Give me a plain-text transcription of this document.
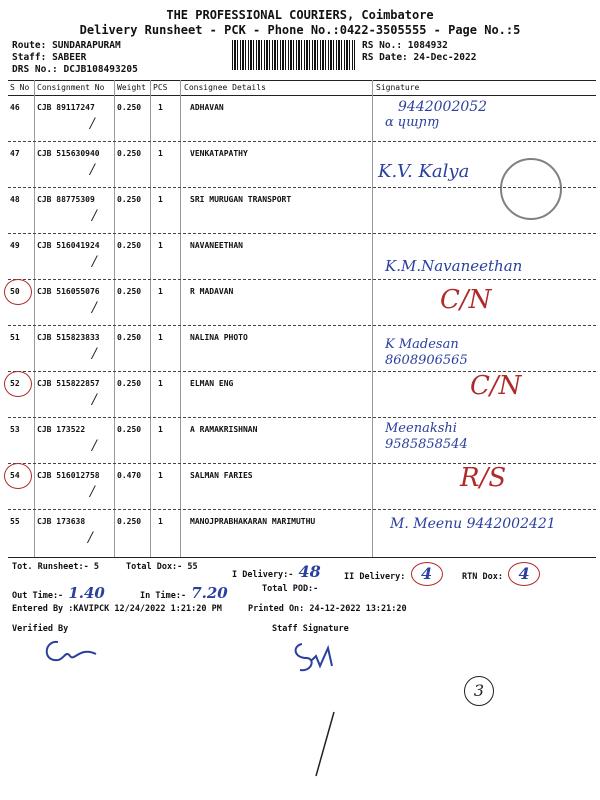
THE PROFESSIONAL COURIERS, Coimbatore
Delivery Runsheet - PCK - Phone No.:0422-3505555 - Page No.:5
Route: SUNDARAPURAM
Staff: SABEER
DRS No.: DCJB108493205
RS No.: 1084932
RS Date: 24-Dec-2022
S No Consignment No Weight PCS Consignee Details	Signature
46 CJB 89117247	0.250 1	ADHAVAN	9442002052
ɑ ɥɯɲɱ
47 CJB 515630940 0.250 1	VENKATAPATHY
K.V. Kalya
48 CJB 88775309	0.250 1	SRI MURUGAN TRANSPORT
49 CJB 516041924 0.250 1	NAVANEETHAN
K.M.Navaneethan
50 CJB 516055076 0.250 1	R MADAVAN	C/N
51 CJB 515823833 0.250 1	NALINA PHOTO	K Madesan 8608906565
52 CJB 515822857 0.250 1	ELMAN ENG	C/N
53 CJB 173522	0.250 1	A RAMAKRISHNAN	Meenakshi 9585858544
54 CJB 516012758 0.470 1	SALMAN FARIES	R/S
55 CJB 173638	0.250 1	MANOJPRABHAKARAN MARIMUTHU	M. Meenu 9442002421
/
/
/
/
/
/
/
/
/
/
Tot. Runsheet:- 5	Total Dox:- 55
I Delivery:- 48	II Delivery: 4	RTN Dox: 4
Out Time:- 1.40	In Time:- 7.20	Total POD:-
Entered By :KAVIPCK 12/24/2022 1:21:20 PM	Printed On: 24-12-2022 13:21:20
Verified By	Staff Signature
3
